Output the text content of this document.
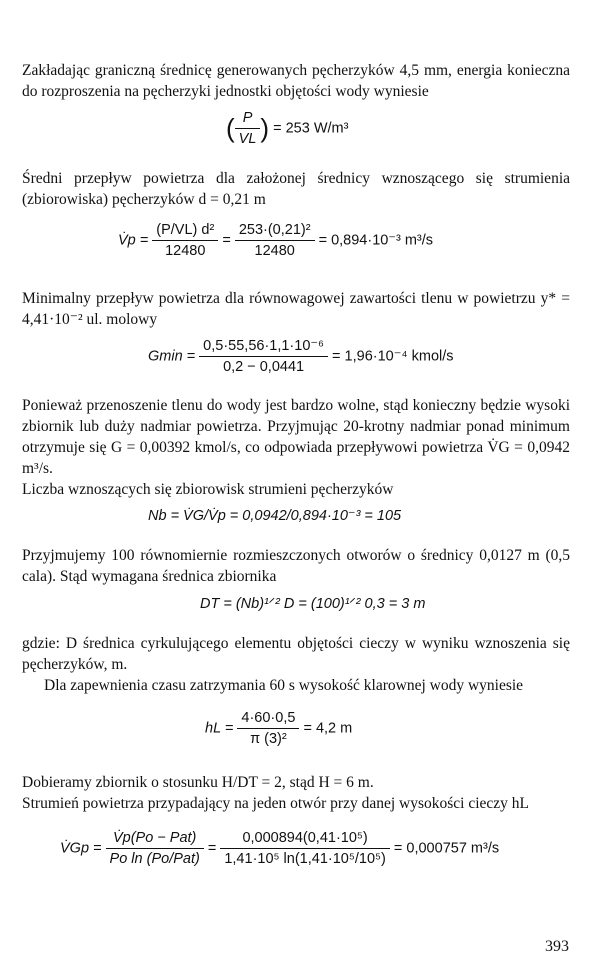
Zakładając graniczną średnicę generowanych pęcherzyków 4,5 mm, energia konieczna do rozproszenia na pęcherzyki jednostki objętości wody wyniesie
( $\frac{P}{VL}$ ) = 253 W/m³
Średni przepływ powietrza dla założonej średnicy wznoszącego się strumienia (zbiorowiska) pęcherzyków d = 0,21 m
V̇p = $\frac{\text{(P/VL) d²}}{12480} = \frac{\text{253·(0,21)²}}{12480} = 0,894\cdot 10^{-3}$ m³/s
Minimalny przepływ powietrza dla równowagowej zawartości tlenu w powietrzu y* = 4,41·10⁻² ul. molowy
$Gmin = \frac{\text{0,5·55,56·1,1·10⁻⁶}}{0,2 - 0,0441} = 1,96\cdot 10^{-4}$ kmol/s
Ponieważ przenoszenie tlenu do wody jest bardzo wolne, stąd konieczny będzie wysoki zbiornik lub duży nadmiar powietrza. Przyjmując 20-krotny nadmiar ponad minimum otrzymuje się G = 0,00392 kmol/s, co odpowiada przepływowi powietrza V̇G = 0,0942 m³/s.
Liczba wznoszących się zbiorowisk strumieni pęcherzyków
Nb = V̇G/V̇p = 0,0942/0,894·10⁻³ = 105
Przyjmujemy 100 równomiernie rozmieszczonych otworów o średnicy 0,0127 m (0,5 cala). Stąd wymagana średnica zbiornika
DT = (Nb)¹ᐟ² D = (100)¹ᐟ² 0,3 = 3 m
gdzie: D średnica cyrkulującego elementu objętości cieczy w wyniku wznoszenia się pęcherzyków, m.
Dla zapewnienia czasu zatrzymania 60 s wysokość klarownej wody wyniesie
hL = $\frac{4\cdot 60\cdot 0,5}{\text{π (3)²}} = 4,2$ m
Dobieramy zbiornik o stosunku H/DT = 2, stąd H = 6 m.
Strumień powietrza przypadający na jeden otwór przy danej wysokości cieczy hL
V̇Gp = $\frac{\text{V̇p(Po − Pat)}}{\text{Po ln (Po/Pat)}} = \frac{\text{0,000894(0,41·10⁵)}}{\text{1,41·10⁵ ln(1,41·10⁵/10⁵)}} = 0,000757$ m³/s
393
